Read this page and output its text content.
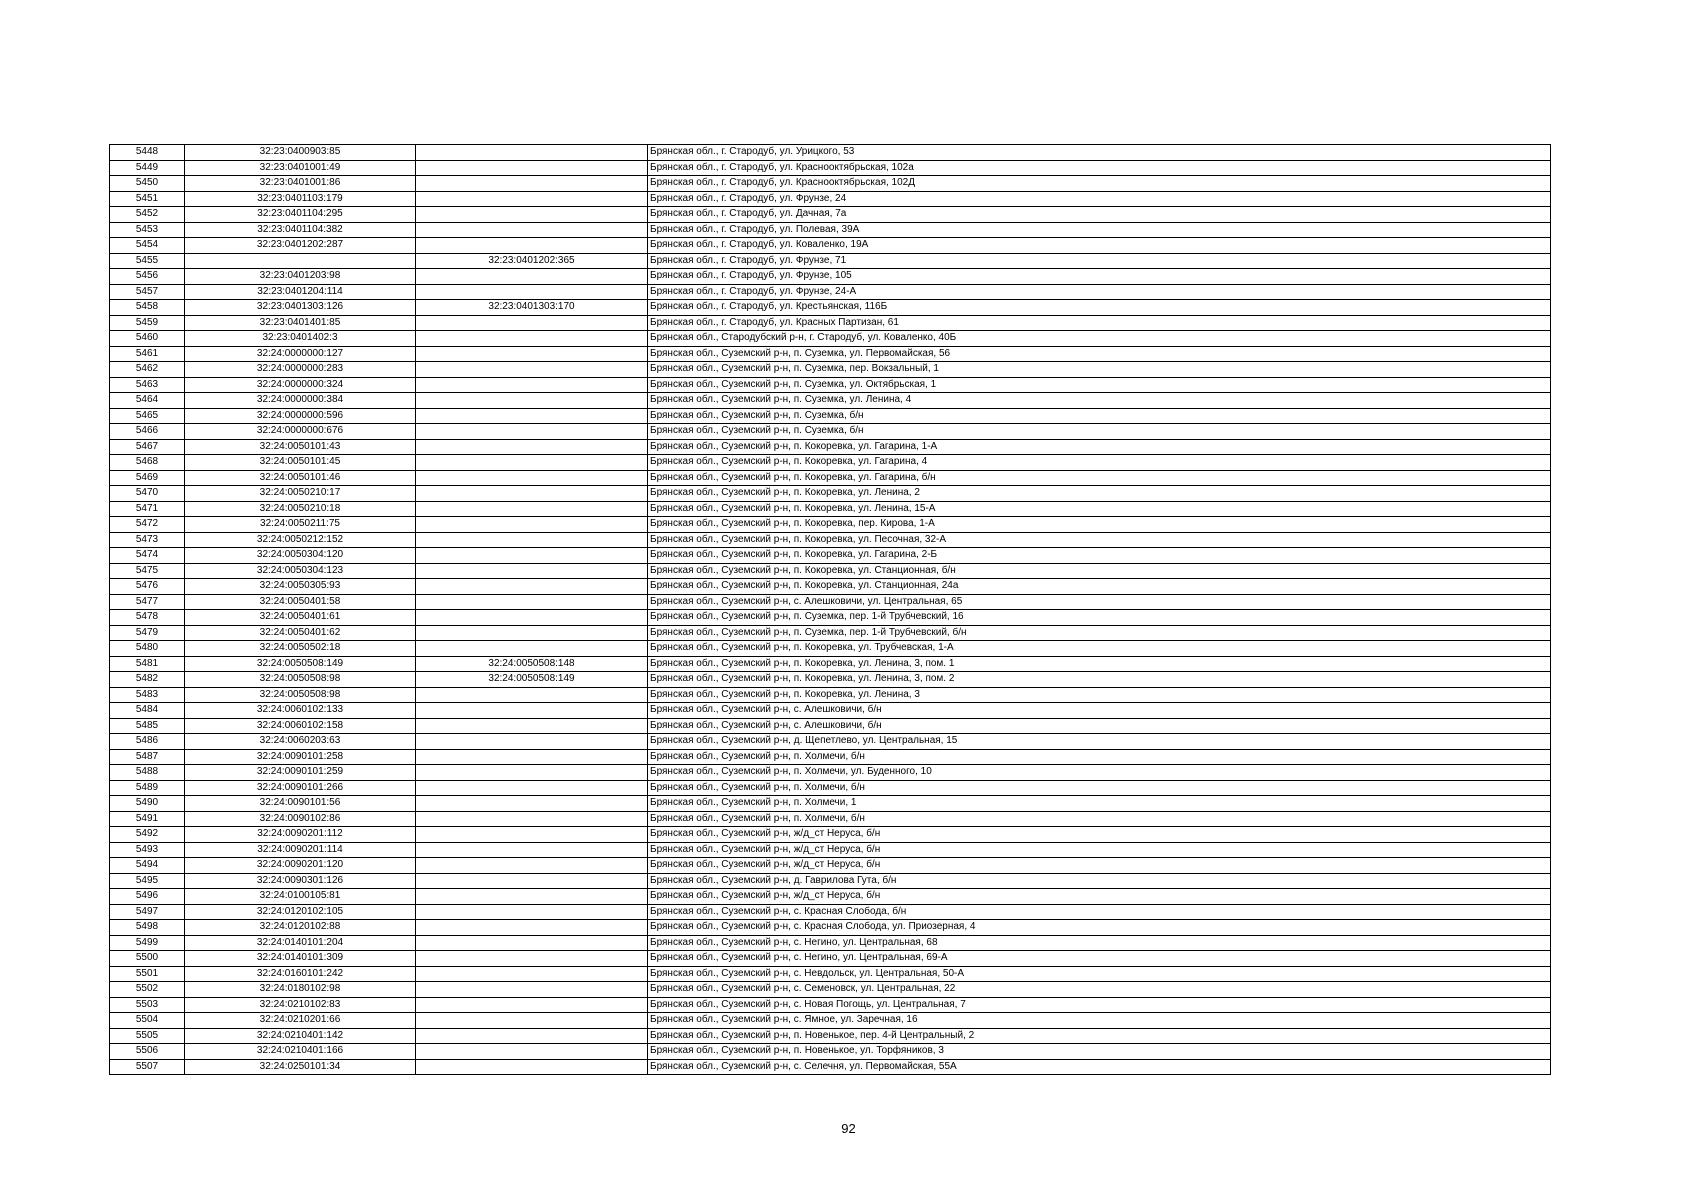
5448	32:23:0400903:85		Брянская обл., г. Стародуб, ул. Урицкого, 53
5449	32:23:0401001:49		Брянская обл., г. Стародуб, ул. Краснооктябрьская, 102а
5450	32:23:0401001:86		Брянская обл., г. Стародуб, ул. Краснооктябрьская, 102Д
5451	32:23:0401103:179		Брянская обл., г. Стародуб, ул. Фрунзе, 24
5452	32:23:0401104:295		Брянская обл., г. Стародуб, ул. Дачная, 7а
5453	32:23:0401104:382		Брянская обл., г. Стародуб, ул. Полевая, 39А
5454	32:23:0401202:287		Брянская обл., г. Стародуб, ул. Коваленко, 19А
5455		32:23:0401202:365	Брянская обл., г. Стародуб, ул. Фрунзе, 71
5456	32:23:0401203:98		Брянская обл., г. Стародуб, ул. Фрунзе, 105
5457	32:23:0401204:114		Брянская обл., г. Стародуб, ул. Фрунзе, 24-А
5458	32:23:0401303:126	32:23:0401303:170	Брянская обл., г. Стародуб, ул. Крестьянская, 116Б
5459	32:23:0401401:85		Брянская обл., г. Стародуб, ул. Красных Партизан, 61
5460	32:23:0401402:3		Брянская обл., Стародубский р-н, г. Стародуб, ул. Коваленко, 40Б
5461	32:24:0000000:127		Брянская обл., Суземский р-н, п. Суземка, ул. Первомайская, 56
5462	32:24:0000000:283		Брянская обл., Суземский р-н, п. Суземка, пер. Вокзальный, 1
5463	32:24:0000000:324		Брянская обл., Суземский р-н, п. Суземка, ул. Октябрьская, 1
5464	32:24:0000000:384		Брянская обл., Суземский р-н, п. Суземка, ул. Ленина, 4
5465	32:24:0000000:596		Брянская обл., Суземский р-н, п. Суземка, б/н
5466	32:24:0000000:676		Брянская обл., Суземский р-н, п. Суземка, б/н
5467	32:24:0050101:43		Брянская обл., Суземский р-н, п. Кокоревка, ул. Гагарина, 1-А
5468	32:24:0050101:45		Брянская обл., Суземский р-н, п. Кокоревка, ул. Гагарина, 4
5469	32:24:0050101:46		Брянская обл., Суземский р-н, п. Кокоревка, ул. Гагарина, б/н
5470	32:24:0050210:17		Брянская обл., Суземский р-н, п. Кокоревка, ул. Ленина, 2
5471	32:24:0050210:18		Брянская обл., Суземский р-н, п. Кокоревка, ул. Ленина, 15-А
5472	32:24:0050211:75		Брянская обл., Суземский р-н, п. Кокоревка, пер. Кирова, 1-А
5473	32:24:0050212:152		Брянская обл., Суземский р-н, п. Кокоревка, ул. Песочная, 32-А
5474	32:24:0050304:120		Брянская обл., Суземский р-н, п. Кокоревка, ул. Гагарина, 2-Б
5475	32:24:0050304:123		Брянская обл., Суземский р-н, п. Кокоревка, ул. Станционная, б/н
5476	32:24:0050305:93		Брянская обл., Суземский р-н, п. Кокоревка, ул. Станционная, 24а
5477	32:24:0050401:58		Брянская обл., Суземский р-н, с. Алешковичи, ул. Центральная, 65
5478	32:24:0050401:61		Брянская обл., Суземский р-н, п. Суземка, пер. 1-й Трубчевский, 16
5479	32:24:0050401:62		Брянская обл., Суземский р-н, п. Суземка, пер. 1-й Трубчевский, б/н
5480	32:24:0050502:18		Брянская обл., Суземский р-н, п. Кокоревка, ул. Трубчевская, 1-А
5481	32:24:0050508:149	32:24:0050508:148	Брянская обл., Суземский р-н, п. Кокоревка, ул. Ленина, 3, пом. 1
5482	32:24:0050508:98	32:24:0050508:149	Брянская обл., Суземский р-н, п. Кокоревка, ул. Ленина, 3, пом. 2
5483	32:24:0050508:98		Брянская обл., Суземский р-н, п. Кокоревка, ул. Ленина, 3
5484	32:24:0060102:133		Брянская обл., Суземский р-н, с. Алешковичи, б/н
5485	32:24:0060102:158		Брянская обл., Суземский р-н, с. Алешковичи, б/н
5486	32:24:0060203:63		Брянская обл., Суземский р-н, д. Щепетлево, ул. Центральная, 15
5487	32:24:0090101:258		Брянская обл., Суземский р-н, п. Холмечи, б/н
5488	32:24:0090101:259		Брянская обл., Суземский р-н, п. Холмечи, ул. Буденного, 10
5489	32:24:0090101:266		Брянская обл., Суземский р-н, п. Холмечи, б/н
5490	32:24:0090101:56		Брянская обл., Суземский р-н, п. Холмечи, 1
5491	32:24:0090102:86		Брянская обл., Суземский р-н, п. Холмечи, б/н
5492	32:24:0090201:112		Брянская обл., Суземский р-н, ж/д_ст Неруса, б/н
5493	32:24:0090201:114		Брянская обл., Суземский р-н, ж/д_ст Неруса, б/н
5494	32:24:0090201:120		Брянская обл., Суземский р-н, ж/д_ст Неруса, б/н
5495	32:24:0090301:126		Брянская обл., Суземский р-н, д. Гаврилова Гута, б/н
5496	32:24:0100105:81		Брянская обл., Суземский р-н, ж/д_ст Неруса, б/н
5497	32:24:0120102:105		Брянская обл., Суземский р-н, с. Красная Слобода, б/н
5498	32:24:0120102:88		Брянская обл., Суземский р-н, с. Красная Слобода, ул. Приозерная, 4
5499	32:24:0140101:204		Брянская обл., Суземский р-н, с. Негино, ул. Центральная, 68
5500	32:24:0140101:309		Брянская обл., Суземский р-н, с. Негино, ул. Центральная, 69-А
5501	32:24:0160101:242		Брянская обл., Суземский р-н, с. Невдольск, ул. Центральная, 50-А
5502	32:24:0180102:98		Брянская обл., Суземский р-н, с. Семеновск, ул. Центральная, 22
5503	32:24:0210102:83		Брянская обл., Суземский р-н, с. Новая Погощь, ул. Центральная, 7
5504	32:24:0210201:66		Брянская обл., Суземский р-н, с. Ямное, ул. Заречная, 16
5505	32:24:0210401:142		Брянская обл., Суземский р-н, п. Новенькое, пер. 4-й Центральный, 2
5506	32:24:0210401:166		Брянская обл., Суземский р-н, п. Новенькое, ул. Торфяников, 3
5507	32:24:0250101:34		Брянская обл., Суземский р-н, с. Селечня, ул. Первомайская, 55А
92
